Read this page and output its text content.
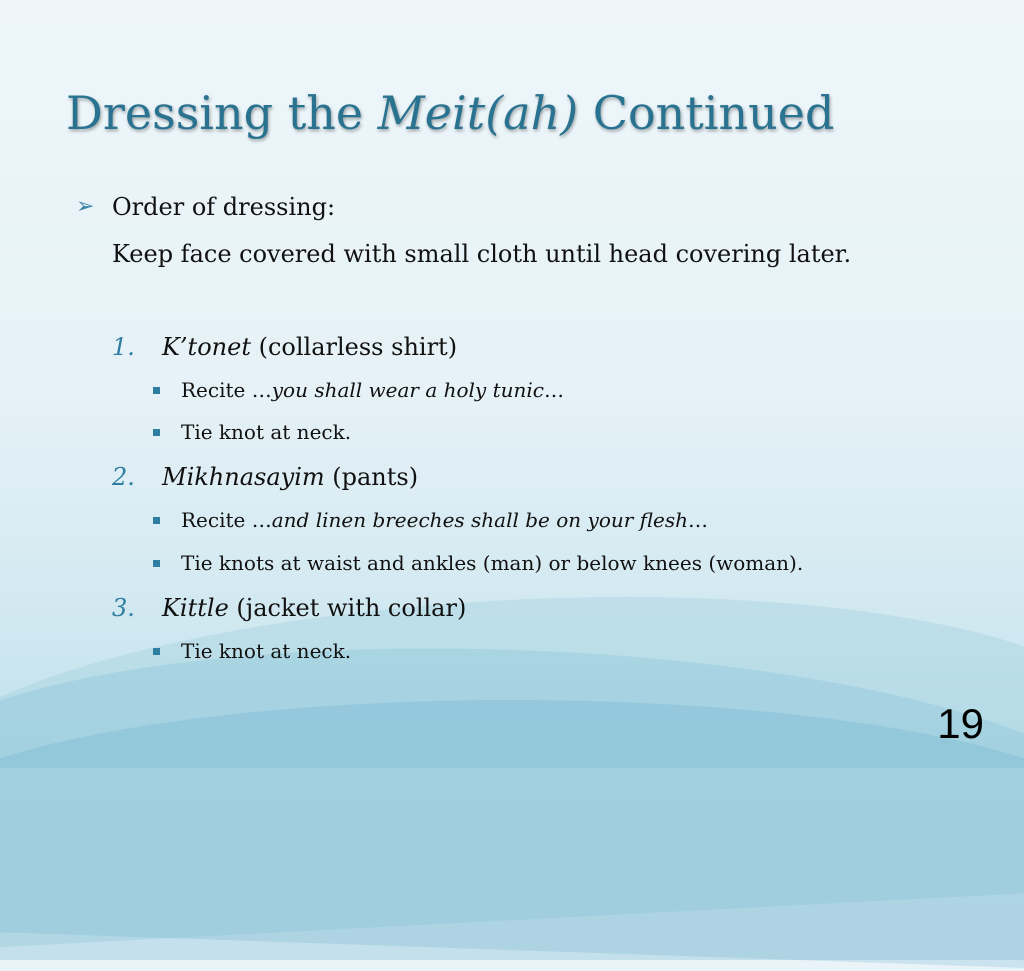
Dressing the Meit(ah) Continued
➢ Order of dressing:
Keep face covered with small cloth until head covering later.
1. K’tonet (collarless shirt)
Recite …you shall wear a holy tunic…
Tie knot at neck.
2. Mikhnasayim (pants)
Recite …and linen breeches shall be on your flesh…
Tie knots at waist and ankles (man) or below knees (woman).
3. Kittle (jacket with collar)
Tie knot at neck.
19
